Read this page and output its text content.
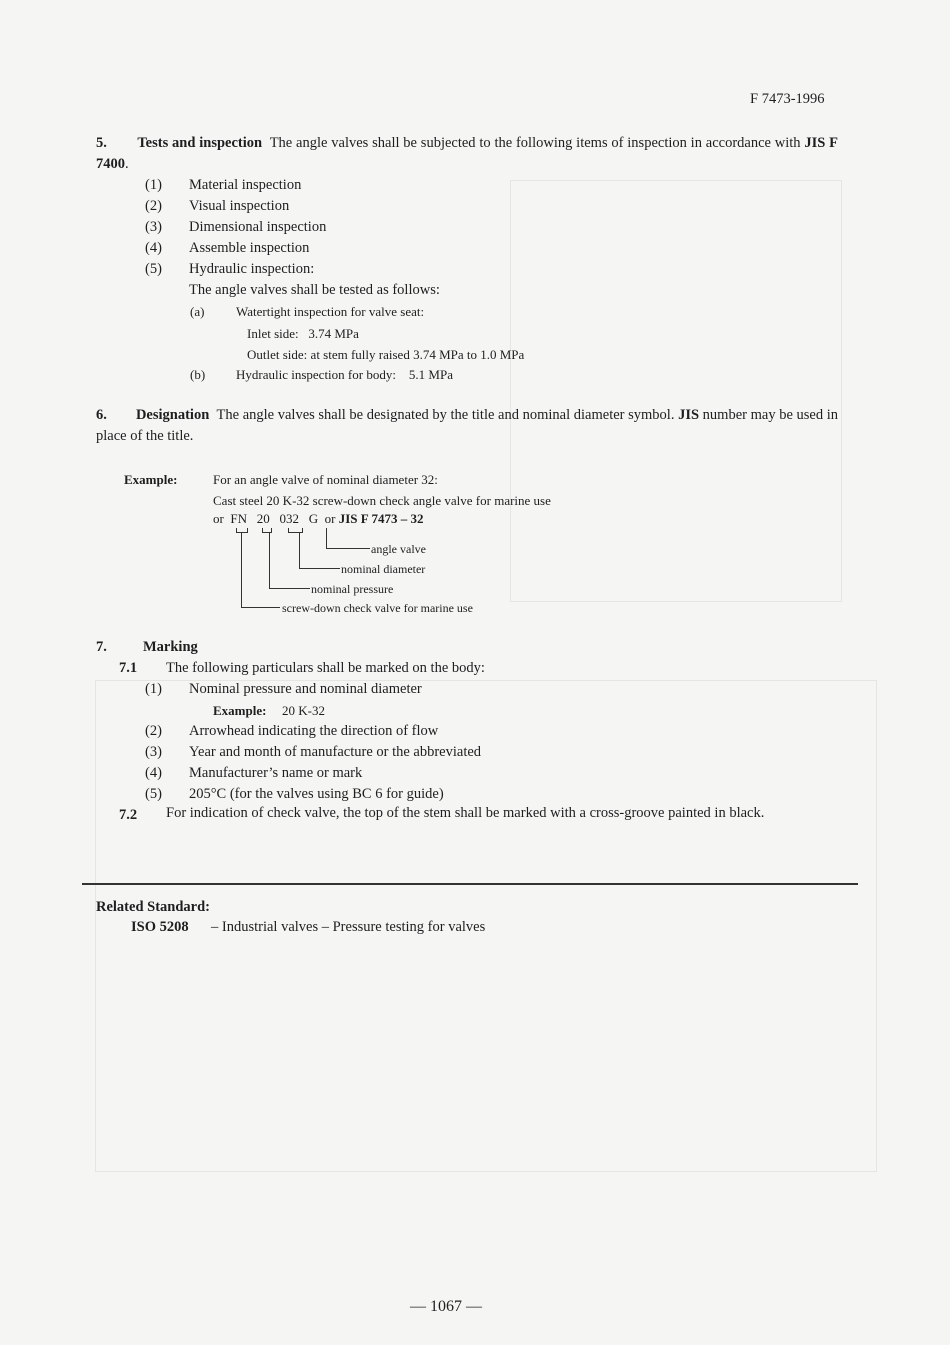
F 7473-1996
5. Tests and inspection The angle valves shall be subjected to the following items of inspection in accordance with JIS F 7400.
(1) Material inspection
(2) Visual inspection
(3) Dimensional inspection
(4) Assemble inspection
(5) Hydraulic inspection:
The angle valves shall be tested as follows:
(a) Watertight inspection for valve seat:
Inlet side:   3.74 MPa
Outlet side: at stem fully raised 3.74 MPa to 1.0 MPa
(b) Hydraulic inspection for body:    5.1 MPa
6. Designation The angle valves shall be designated by the title and nominal diameter symbol. JIS number may be used in place of the title.
Example:	For an angle valve of nominal diameter 32:
Cast steel 20 K-32 screw-down check angle valve for marine use
or FN 20 032 G or JIS F 7473 – 32
angle valve
nominal diameter
nominal pressure
screw-down check valve for marine use
7. Marking
7.1 The following particulars shall be marked on the body:
(1) Nominal pressure and nominal diameter
Example: 20 K-32
(2) Arrowhead indicating the direction of flow
(3) Year and month of manufacture or the abbreviated
(4) Manufacturer’s name or mark
(5) 205°C (for the valves using BC 6 for guide)
7.2	For indication of check valve, the top of the stem shall be marked with a cross-groove painted in black.
Related Standard:
ISO 5208 – Industrial valves – Pressure testing for valves
— 1067 —
